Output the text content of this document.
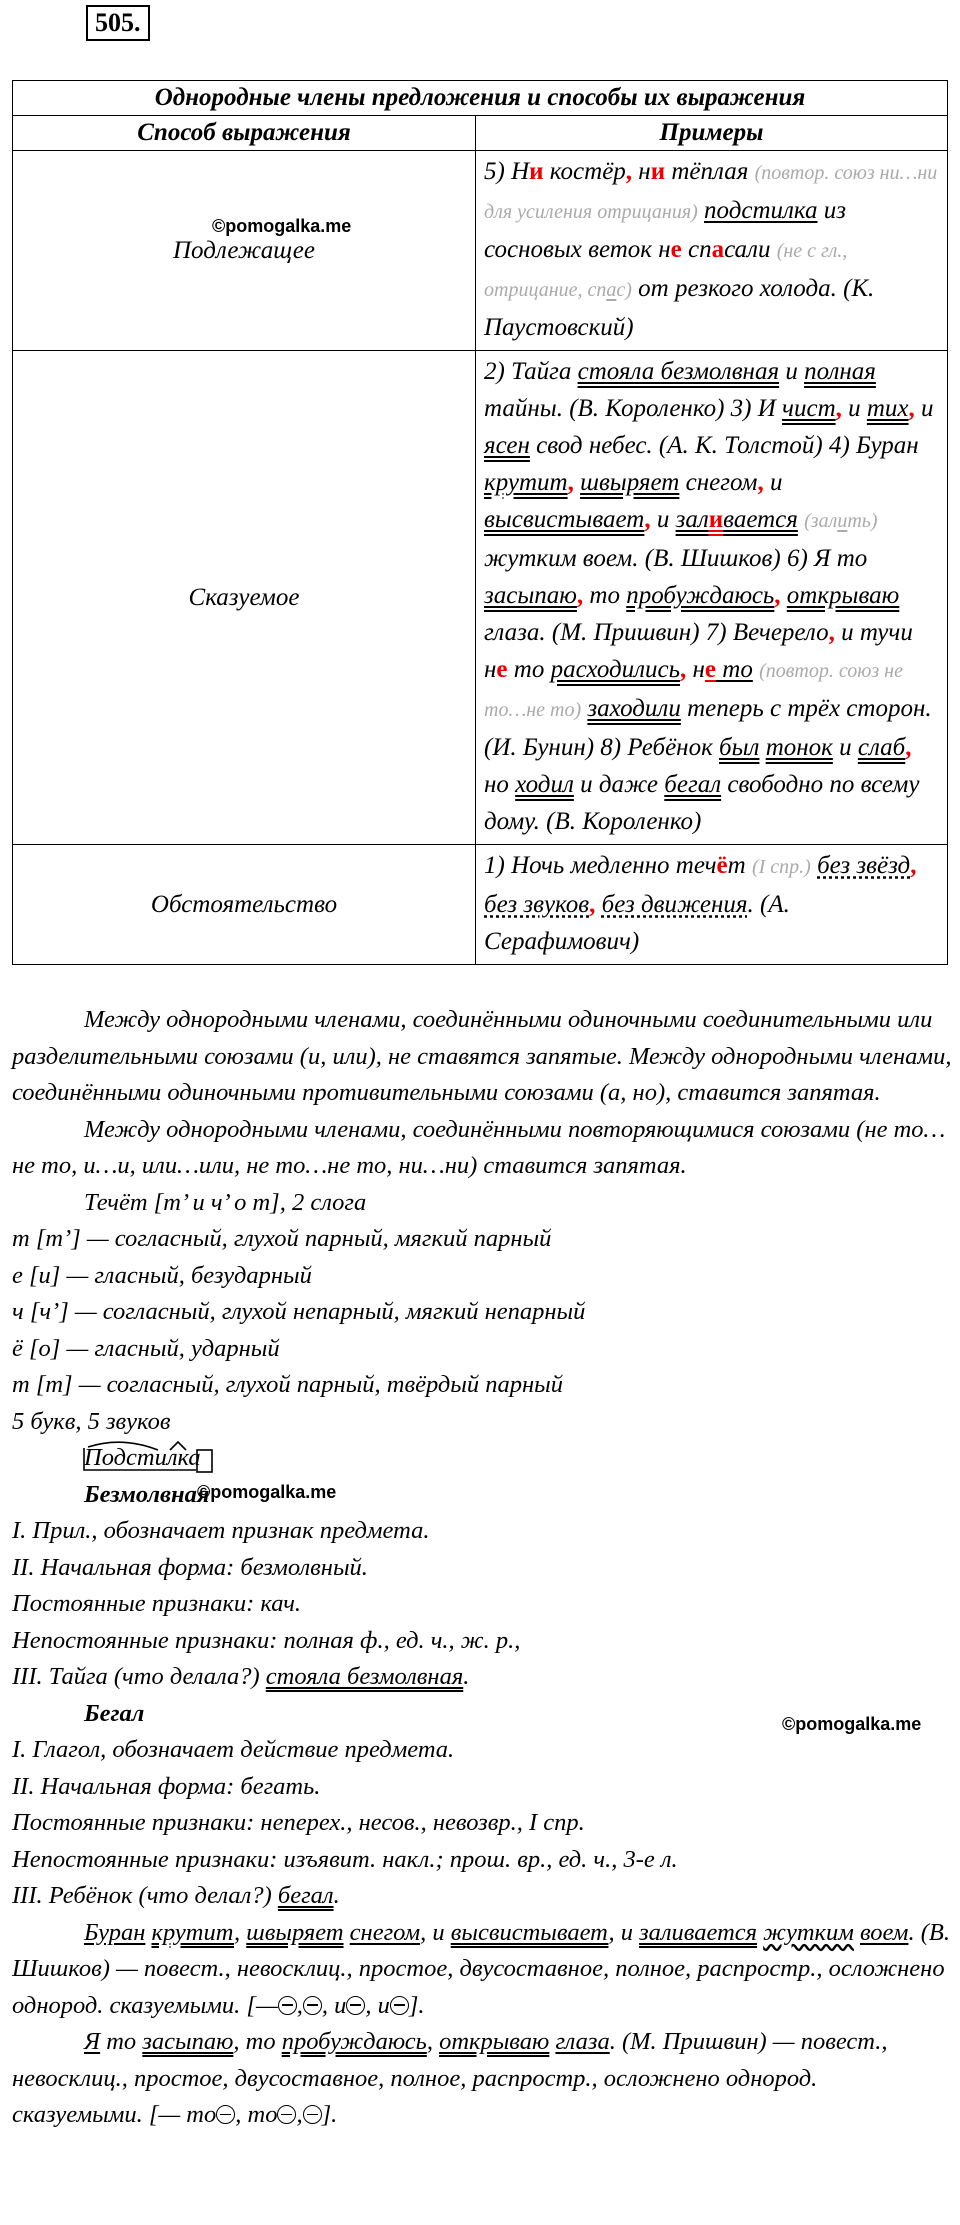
505.
©pomogalka.me
©pomogalka.me
©pomogalka.me
Однородные члены предложения и способы их выражения	
Способ выражения	Примеры
Подлежащее	5) Ни костёр, ни тёплая (повтор. союз ни…ни для усиления отрицания) подстилка из сосновых веток не спасали (не с гл., отрицание, спас) от резкого холода. (К. Паустовский)
Сказуемое	2) Тайга стояла безмолвная и полная тайны. (В. Короленко) 3) И чист, и тих, и ясен свод небес. (А. К. Толстой) 4) Буран крутит, швыряет снегом, и высвистывает, и заливается (залить) жутким воем. (В. Шишков) 6) Я то засыпаю, то пробуждаюсь, открываю глаза. (М. Пришвин) 7) Вечерело, и тучи не то расходились, не то (повтор. союз не то…не то) заходили теперь с трёх сторон. (И. Бунин) 8) Ребёнок был тонок и слаб, но ходил и даже бегал свободно по всему дому. (В. Короленко)
Обстоятельство	1) Ночь медленно течёт (I спр.) без звёзд, без звуков, без движения. (А. Серафимович)

Между однородными членами, соединёнными одиночными соединительными или разделительными союзами (и, или), не ставятся запятые. Между однородными членами, соединёнными одиночными противительными союзами (а, но), ставится запятая.

Между однородными членами, соединёнными повторяющимися союзами (не то…не то, и…и, или…или, не то…не то, ни…ни) ставится запятая.

Течёт [т’ и ч’ о т], 2 слога

т [т’] — согласный, глухой парный, мягкий парный

е [и] — гласный, безударный

ч [ч’] — согласный, глухой непарный, мягкий непарный

ё [о] — гласный, ударный

т [т] — согласный, глухой парный, твёрдый парный

5 букв, 5 звуков

Подстилка

Безмолвная

I. Прил., обозначает признак предмета.

II. Начальная форма: безмолвный.

Постоянные признаки: кач.

Непостоянные признаки: полная ф., ед. ч., ж. р.,

III. Тайга (что делала?) стояла безмолвная.

Бегал

I. Глагол, обозначает действие предмета.

II. Начальная форма: бегать.

Постоянные признаки: неперех., несов., невозвр., I спр.

Непостоянные признаки: изъявит. накл.; прош. вр., ед. ч., 3-е л.

III. Ребёнок (что делал?) бегал.

Буран крутит, швыряет снегом, и высвистывает, и заливается жутким воем. (В. Шишков) — повест., невосклиц., простое, двусоставное, полное, распростр., осложнено однород. сказуемыми. [— , , и , и ].

Я то засыпаю, то пробуждаюсь, открываю глаза. (М. Пришвин) — повест., невосклиц., простое, двусоставное, полное, распростр., осложнено однород. сказуемыми. [— то , то , ].
